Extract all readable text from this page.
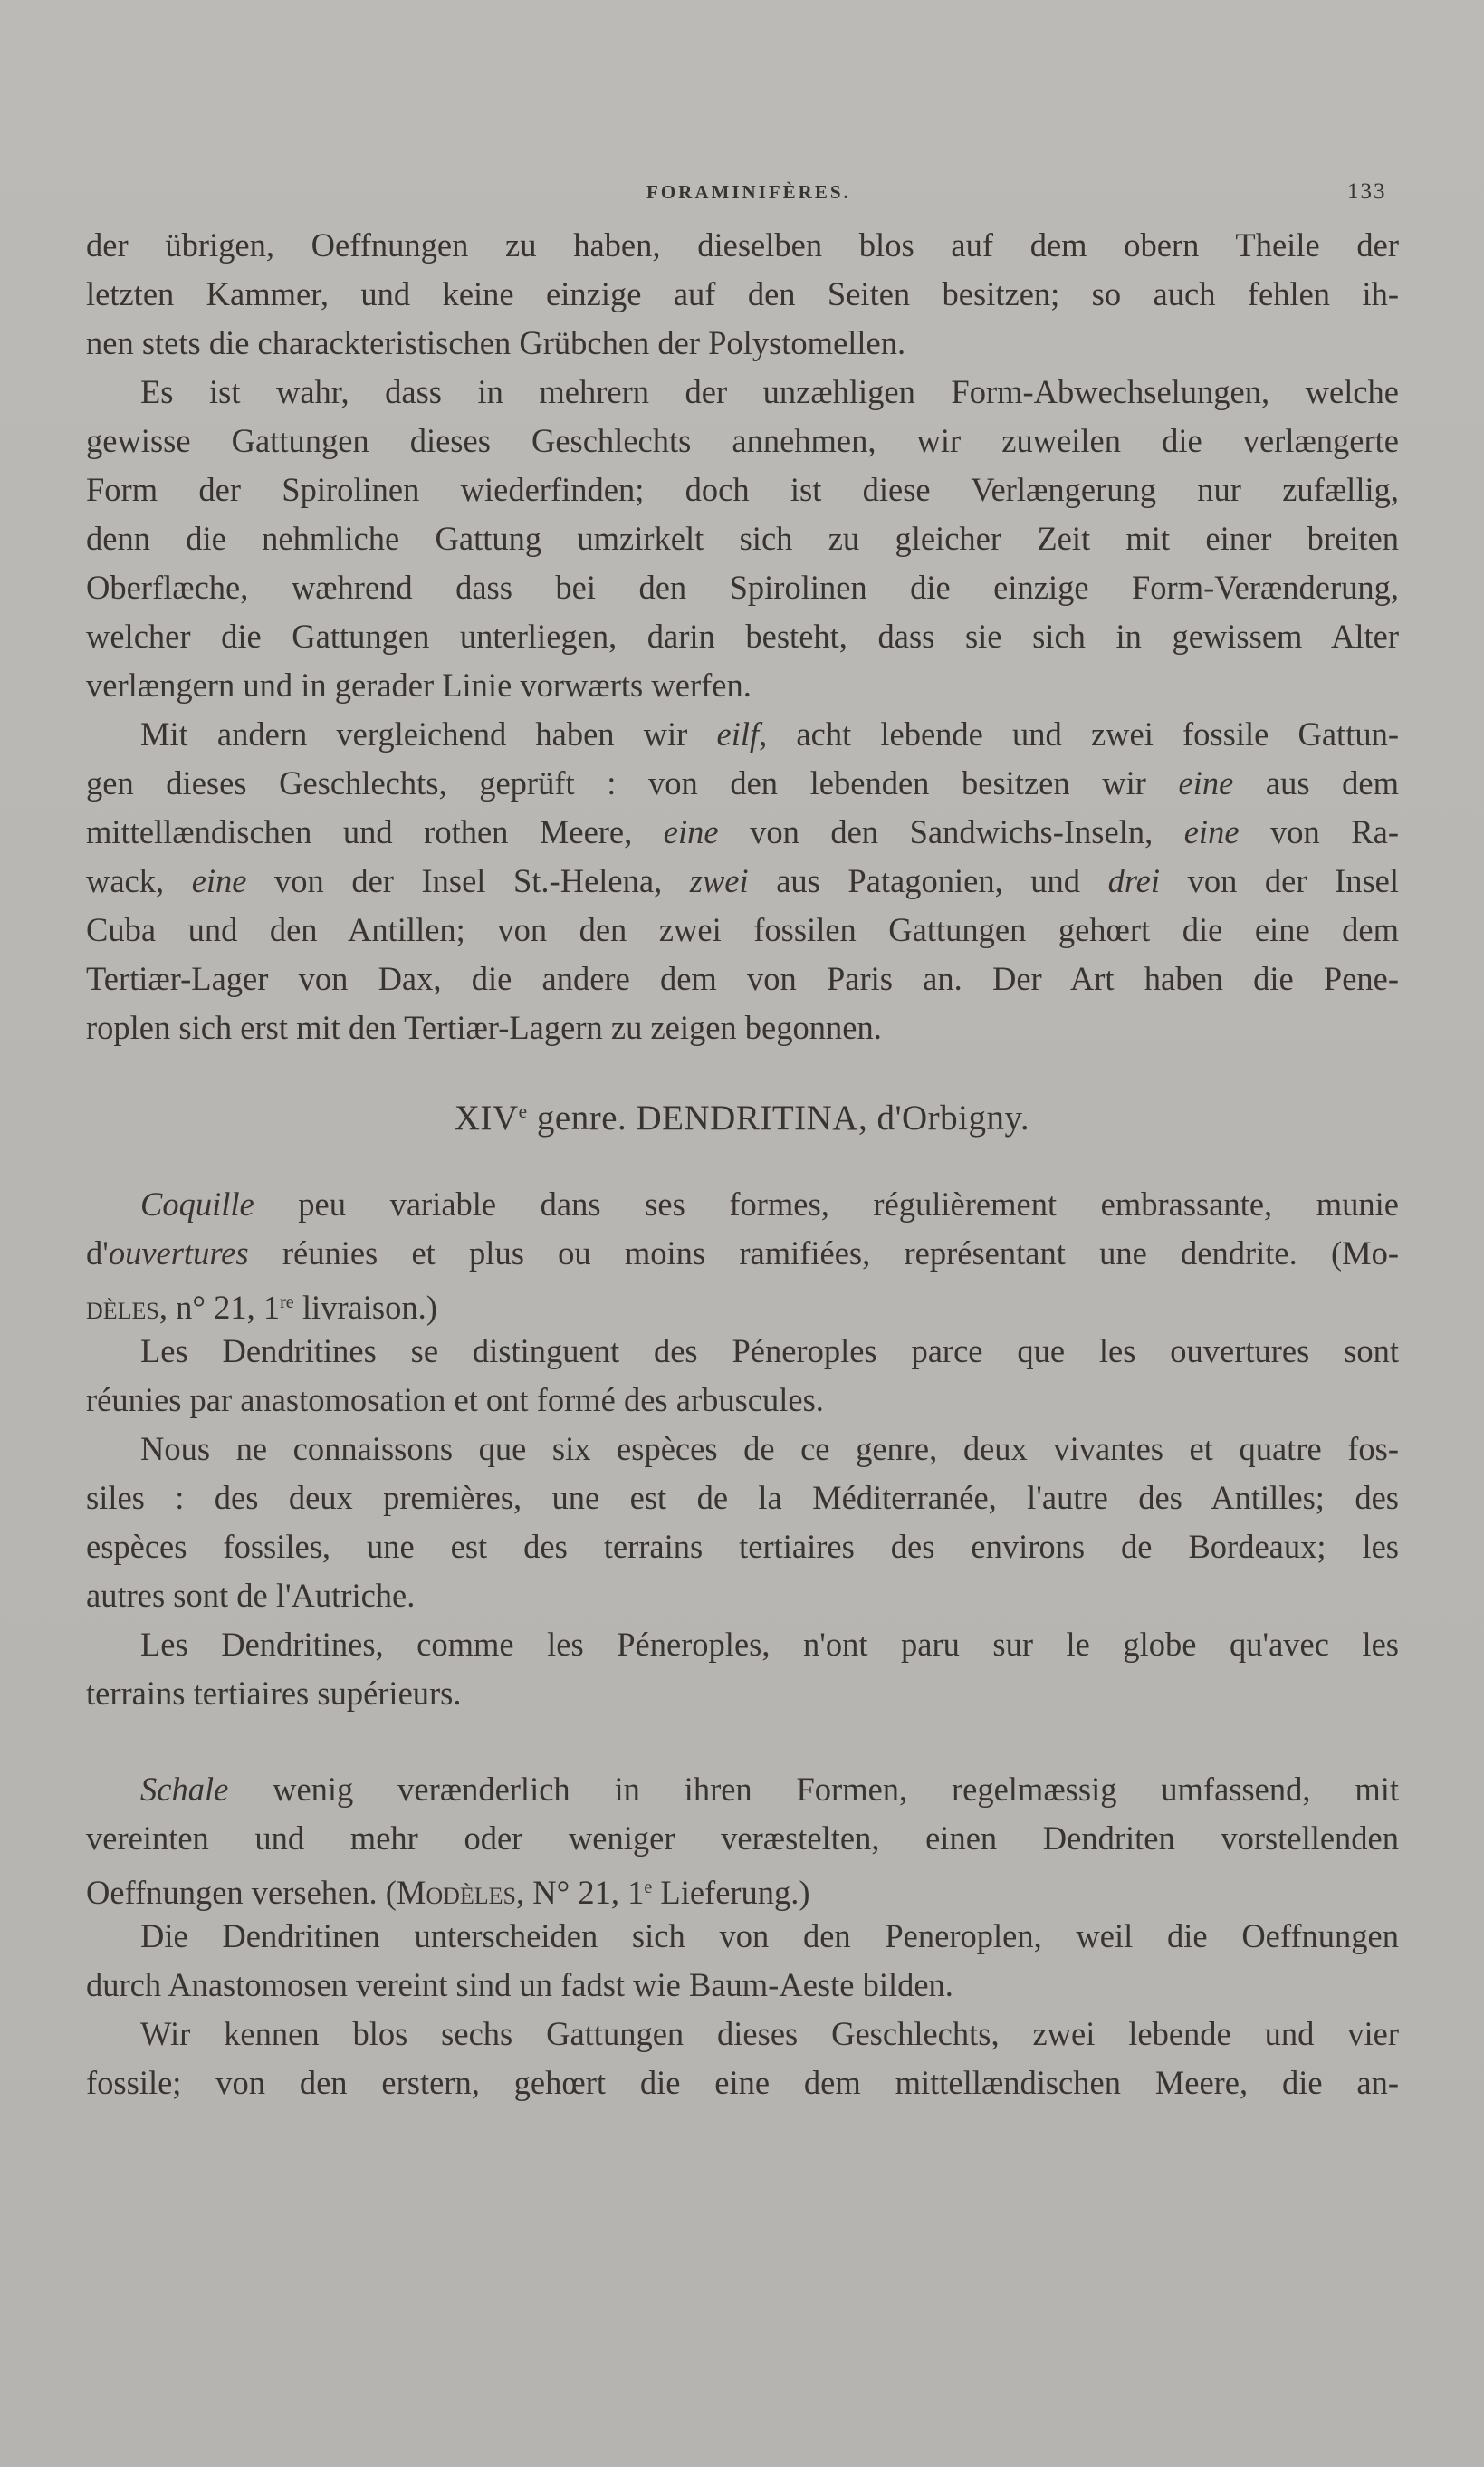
FORAMINIFÈRES.	133
der übrigen, Oeffnungen zu haben, dieselben blos auf dem obern Theile der
letzten Kammer, und keine einzige auf den Seiten besitzen; so auch fehlen ih-
nen stets die charackteristischen Grübchen der Polystomellen.
Es ist wahr, dass in mehrern der unzæhligen Form-Abwechselungen, welche
gewisse Gattungen dieses Geschlechts annehmen, wir zuweilen die verlængerte
Form der Spirolinen wiederfinden; doch ist diese Verlængerung nur zufællig,
denn die nehmliche Gattung umzirkelt sich zu gleicher Zeit mit einer breiten
Oberflæche, wæhrend dass bei den Spirolinen die einzige Form-Verænderung,
welcher die Gattungen unterliegen, darin besteht, dass sie sich in gewissem Alter
verlængern und in gerader Linie vorwærts werfen.
Mit andern vergleichend haben wir eilf, acht lebende und zwei fossile Gattun-
gen dieses Geschlechts, geprüft : von den lebenden besitzen wir eine aus dem
mittellændischen und rothen Meere, eine von den Sandwichs-Inseln, eine von Ra-
wack, eine von der Insel St.-Helena, zwei aus Patagonien, und drei von der Insel
Cuba und den Antillen; von den zwei fossilen Gattungen gehœrt die eine dem
Tertiær-Lager von Dax, die andere dem von Paris an. Der Art haben die Pene-
roplen sich erst mit den Tertiær-Lagern zu zeigen begonnen.
XIVe genre. DENDRITINA, d'Orbigny.
Coquille peu variable dans ses formes, régulièrement embrassante, munie
d'ouvertures réunies et plus ou moins ramifiées, représentant une dendrite. (Mo-
dèles, n° 21, 1re livraison.)
Les Dendritines se distinguent des Péneroples parce que les ouvertures sont
réunies par anastomosation et ont formé des arbuscules.
Nous ne connaissons que six espèces de ce genre, deux vivantes et quatre fos-
siles : des deux premières, une est de la Méditerranée, l'autre des Antilles; des
espèces fossiles, une est des terrains tertiaires des environs de Bordeaux; les
autres sont de l'Autriche.
Les Dendritines, comme les Péneroples, n'ont paru sur le globe qu'avec les
terrains tertiaires supérieurs.
Schale wenig verænderlich in ihren Formen, regelmæssig umfassend, mit
vereinten und mehr oder weniger veræstelten, einen Dendriten vorstellenden
Oeffnungen versehen. (Modèles, N° 21, 1e Lieferung.)
Die Dendritinen unterscheiden sich von den Peneroplen, weil die Oeffnungen
durch Anastomosen vereint sind un fadst wie Baum-Aeste bilden.
Wir kennen blos sechs Gattungen dieses Geschlechts, zwei lebende und vier
fossile; von den erstern, gehœrt die eine dem mittellændischen Meere, die an-
